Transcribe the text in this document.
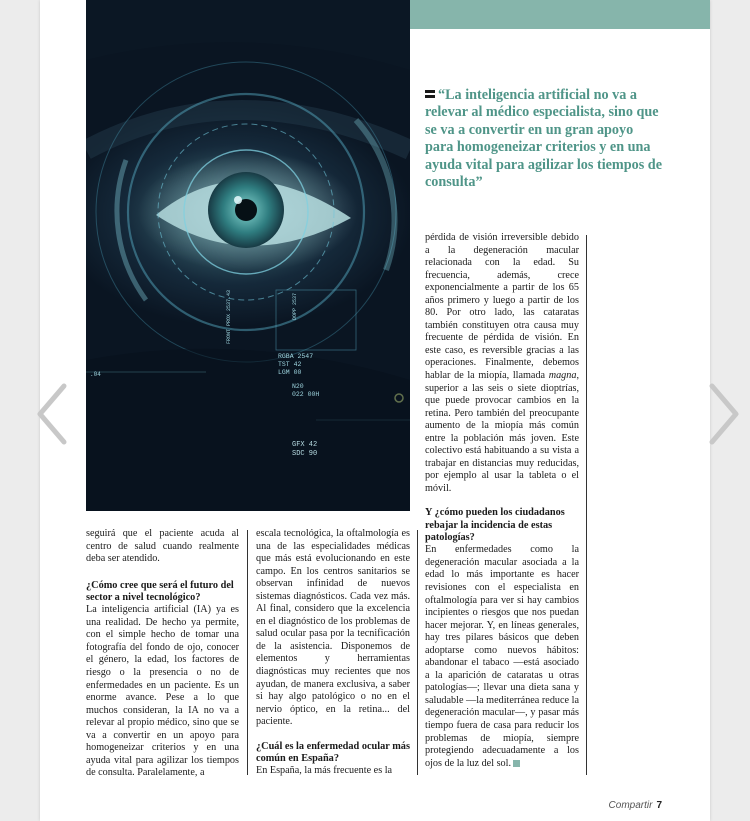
RGBA 2547
TST 42
LGM 00
N20
022 00H
GFX 42
SDC 90
FRONT PROX 2537.43	DOPP 2537
.04
“La inteligencia artificial no va a relevar al médico especialista, sino que se va a convertir en un gran apoyo para homogeneizar criterios y en una ayuda vital para agilizar los tiempos de consulta”

pérdida de visión irreversible debido a la degeneración macular relacionada con la edad. Su frecuencia, además, crece exponencialmente a partir de los 65 años primero y luego a partir de los 80. Por otro lado, las cataratas también constituyen otra causa muy frecuente de pérdida de visión. En este caso, es reversible gracias a las operaciones. Finalmente, debemos hablar de la miopía, llamada magna, superior a las seis o siete dioptrías, que puede provocar cambios en la retina. Pero también del preocupante aumento de la miopía más común entre la población más joven. Este colectivo está habituando a su vista a trabajar en distancias muy reducidas, por ejemplo al usar la tableta o el móvil.

Y ¿cómo pueden los ciudadanos rebajar la incidencia de estas patologías?

En enfermedades como la degeneración macular asociada a la edad lo más importante es hacer revisiones con el especialista en oftalmología para ver si hay cambios incipientes o riesgos que nos puedan hacer mejorar. Y, en líneas generales, hay tres pilares básicos que deben adoptarse como nuevos hábitos: abandonar el tabaco —está asociado a la aparición de cataratas u otras patologías—; llevar una dieta sana y saludable —la mediterránea reduce la degeneración macular—, y pasar más tiempo fuera de casa para reducir los problemas de miopía, siempre protegiendo adecuadamente a los ojos de la luz del sol.

seguirá que el paciente acuda al centro de salud cuando realmente deba ser atendido.

¿Cómo cree que será el futuro del sector a nivel tecnológico?

La inteligencia artificial (IA) ya es una realidad. De hecho ya permite, con el simple hecho de tomar una fotografía del fondo de ojo, conocer el género, la edad, los factores de riesgo o la presencia o no de enfermedades en un paciente. Es un enorme avance. Pese a lo que muchos consideran, la IA no va a relevar al propio médico, sino que se va a convertir en un apoyo para homogeneizar criterios y en una ayuda vital para agilizar los tiempos de consulta. Paralelamente, a

escala tecnológica, la oftalmología es una de las especialidades médicas que más está evolucionando en este campo. En los centros sanitarios se observan infinidad de nuevos sistemas diagnósticos. Cada vez más. Al final, considero que la excelencia en el diagnóstico de los problemas de salud ocular pasa por la tecnificación de la asistencia. Disponemos de elementos y herramientas diagnósticas muy recientes que nos ayudan, de manera exclusiva, a saber si hay algo patológico o no en el nervio óptico, en la retina... del paciente.

¿Cuál es la enfermedad ocular más común en España?

En España, la más frecuente es la

Compartir 7
